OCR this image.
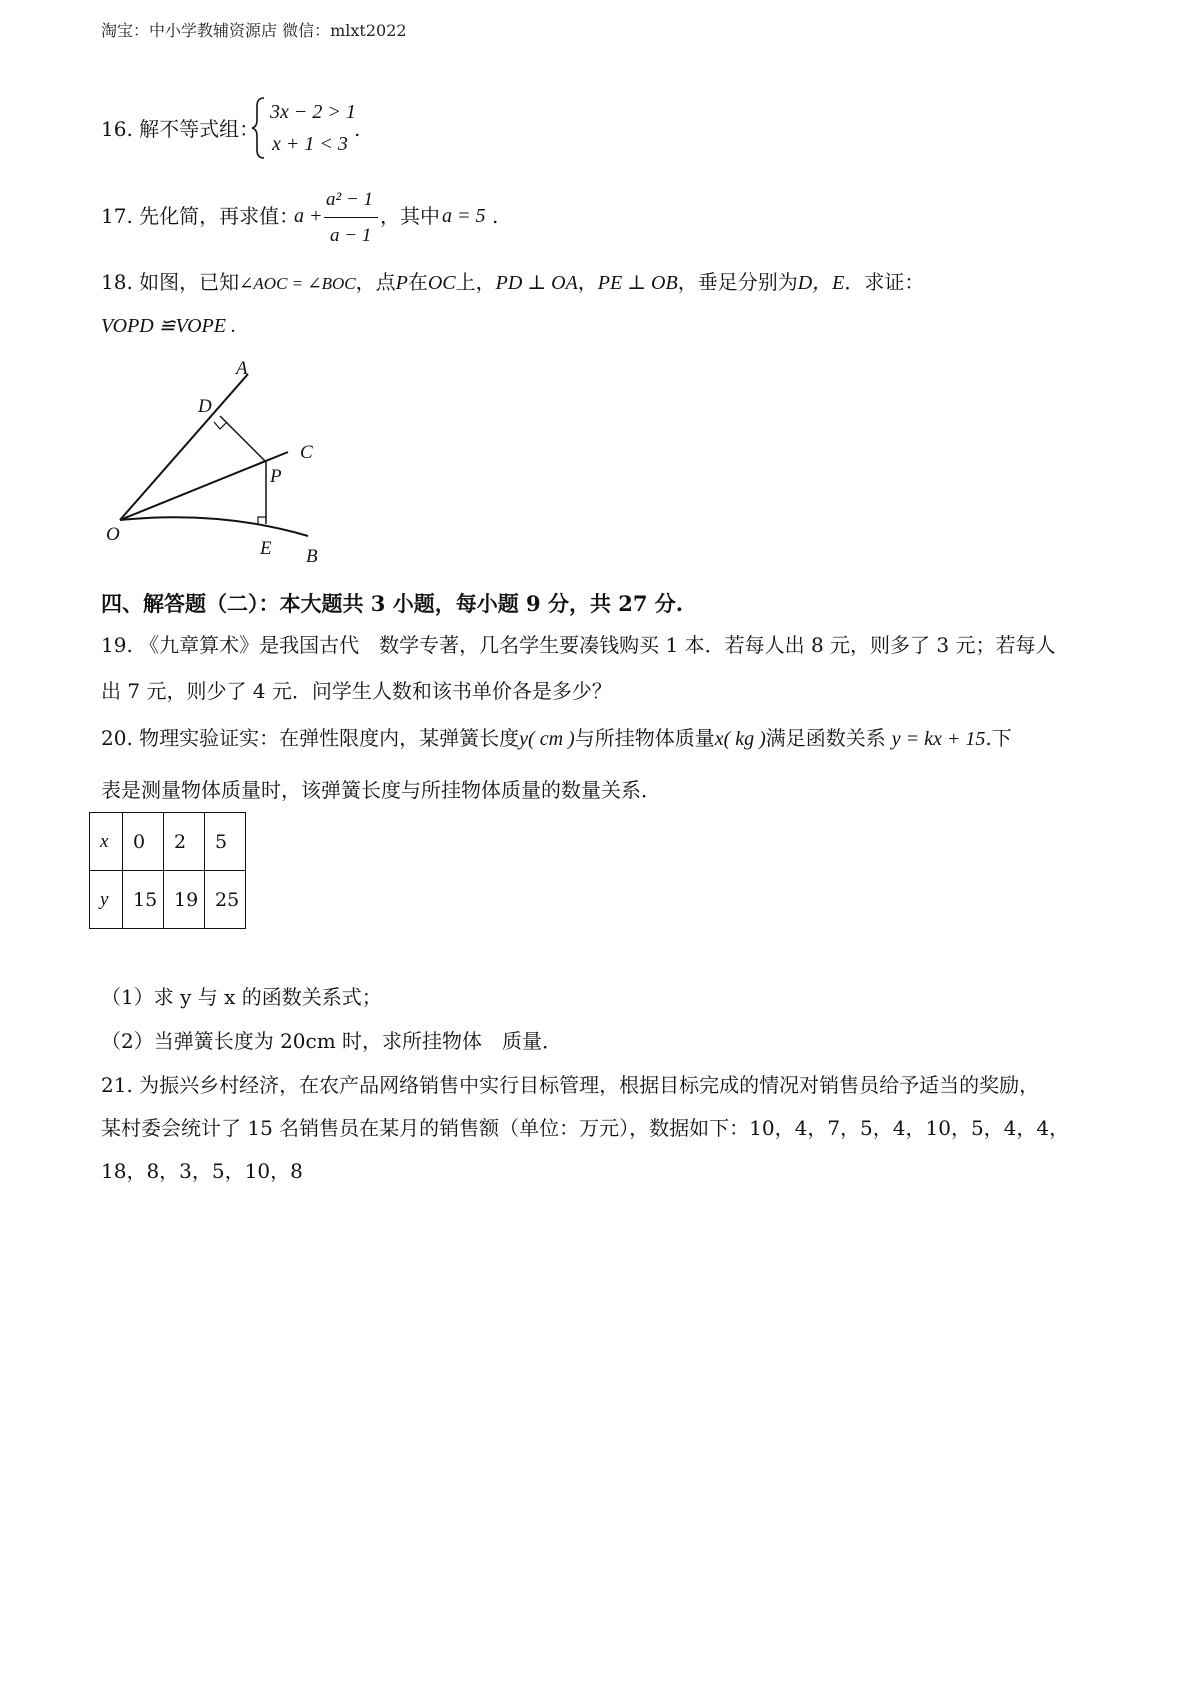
淘宝：中小学教辅资源店 微信：mlxt2022
16. 解不等式组：
3x − 2 > 1
x + 1 < 3
.
17. 先化简，再求值：
a +
a² − 1
a − 1
，其中 a = 5 .
18. 如图，已知∠AOC = ∠BOC，点P在OC上，PD ⊥ OA，PE ⊥ OB，垂足分别为D，E．求证：
VOPD ≌VOPE .
A
D
C
P
O
E B
四、解答题（二）：本大题共 3 小题，每小题 9 分，共 27 分.
19. 《九章算术》是我国古代　数学专著，几名学生要凑钱购买 1 本．若每人出 8 元，则多了 3 元；若每人
出 7 元，则少了 4 元．问学生人数和该书单价各是多少？
20. 物理实验证实：在弹性限度内，某弹簧长度y( cm )与所挂物体质量x( kg )满足函数关系 y = kx + 15.下
表是测量物体质量时，该弹簧长度与所挂物体质量的数量关系．
x	0	2	5
y	15	19	25
（1）求 y 与 x 的函数关系式；
（2）当弹簧长度为 20cm 时，求所挂物体　质量．
21. 为振兴乡村经济，在农产品网络销售中实行目标管理，根据目标完成的情况对销售员给予适当的奖励，
某村委会统计了 15 名销售员在某月的销售额（单位：万元），数据如下：10，4，7，5，4，10，5，4，4，
18，8，3，5，10，8
